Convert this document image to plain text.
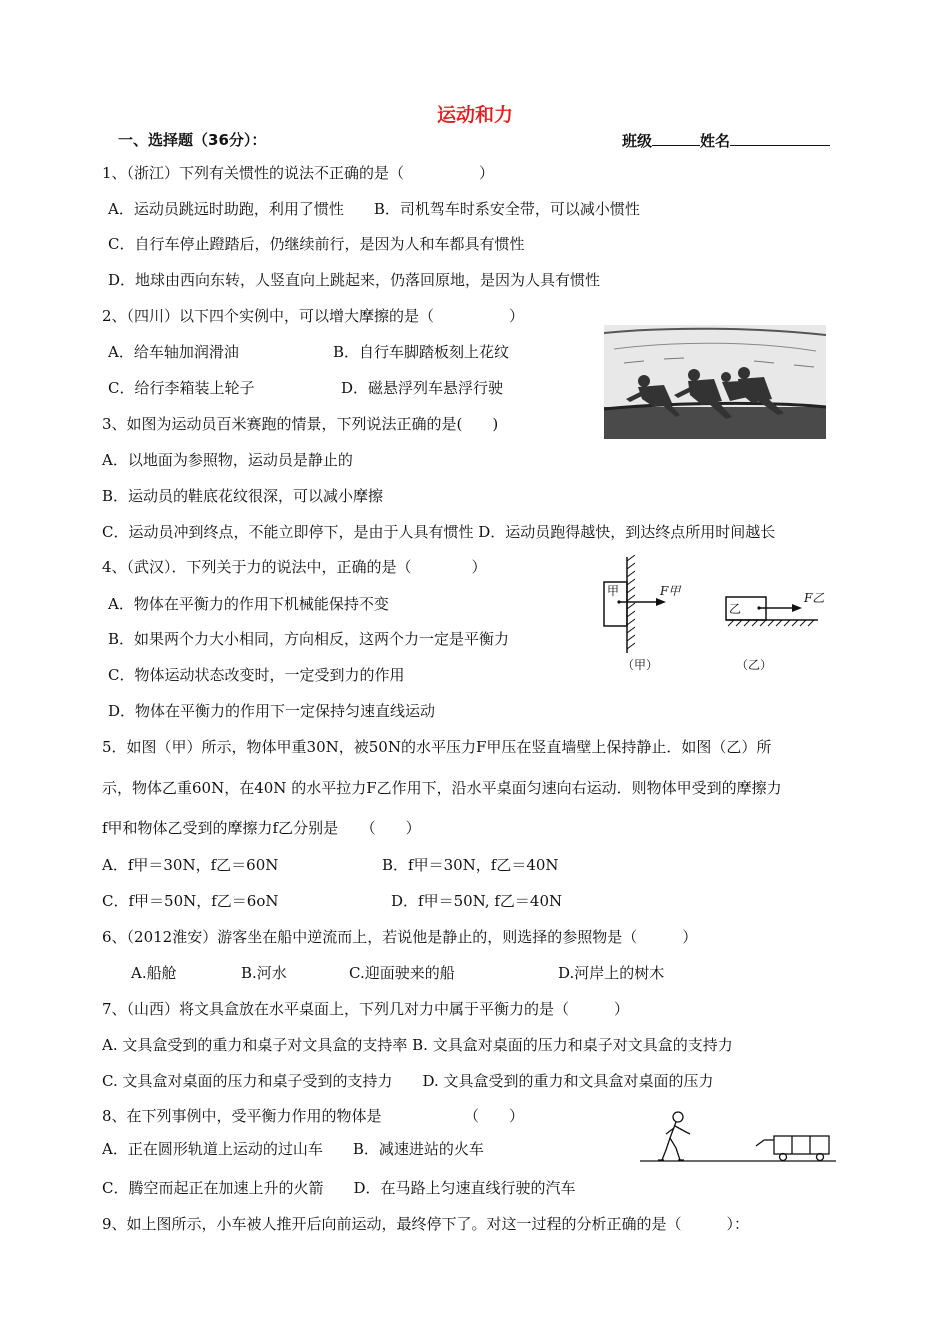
运动和力
一、选择题（36分）：	班级	姓名
1、（浙江）下列有关惯性的说法不正确的是（　　　　　）
A．运动员跳远时助跑，利用了惯性　　B．司机驾车时系安全带，可以减小惯性
C．自行车停止蹬踏后，仍继续前行，是因为人和车都具有惯性
D．地球由西向东转，人竖直向上跳起来，仍落回原地，是因为人具有惯性
2、（四川）以下四个实例中，可以增大摩擦的是（　　　　　）
A．给车轴加润滑油	B．自行车脚踏板刻上花纹
C．给行李箱装上轮子	D．磁悬浮列车悬浮行驶
3、如图为运动员百米赛跑的情景，下列说法正确的是(　　)
A．以地面为参照物，运动员是静止的
B．运动员的鞋底花纹很深，可以减小摩擦
C．运动员冲到终点，不能立即停下，是由于人具有惯性 D．运动员跑得越快，到达终点所用时间越长
4、（武汉）．下列关于力的说法中，正确的是（　　　　）
A．物体在平衡力的作用下机械能保持不变
B．如果两个力大小相同，方向相反，这两个力一定是平衡力
C．物体运动状态改变时，一定受到力的作用
D．物体在平衡力的作用下一定保持匀速直线运动
5．如图（甲）所示，物体甲重30N，被50N的水平压力F甲压在竖直墙壁上保持静止．如图（乙）所
示，物体乙重60N，在40N 的水平拉力F乙作用下，沿水平桌面匀速向右运动．则物体甲受到的摩擦力
f甲和物体乙受到的摩擦力f乙分别是　　（　　）
A．f甲＝30N，f乙＝60N	B．f甲＝30N，f乙＝40N
C．f甲＝50N，f乙＝6oN	D．f甲＝50N, f乙＝40N
6、（2012淮安）游客坐在船中逆流而上，若说他是静止的，则选择的参照物是（　　　）
A.船舱	B.河水	C.迎面驶来的船	D.河岸上的树木
7、（山西）将文具盒放在水平桌面上，下列几对力中属于平衡力的是（　　　）
A. 文具盒受到的重力和桌子对文具盒的支持率 B. 文具盒对桌面的压力和桌子对文具盒的支持力
C. 文具盒对桌面的压力和桌子受到的支持力　　D. 文具盒受到的重力和文具盒对桌面的压力
8、在下列事例中，受平衡力作用的物体是　　　　　　（　　）
A．正在圆形轨道上运动的过山车　　B．减速进站的火车
C．腾空而起正在加速上升的火箭　　D．在马路上匀速直线行驶的汽车
9、如上图所示，小车被人推开后向前运动，最终停下了。对这一过程的分析正确的是（　　　）：
甲	F甲
（甲）
乙
F乙
（乙）
